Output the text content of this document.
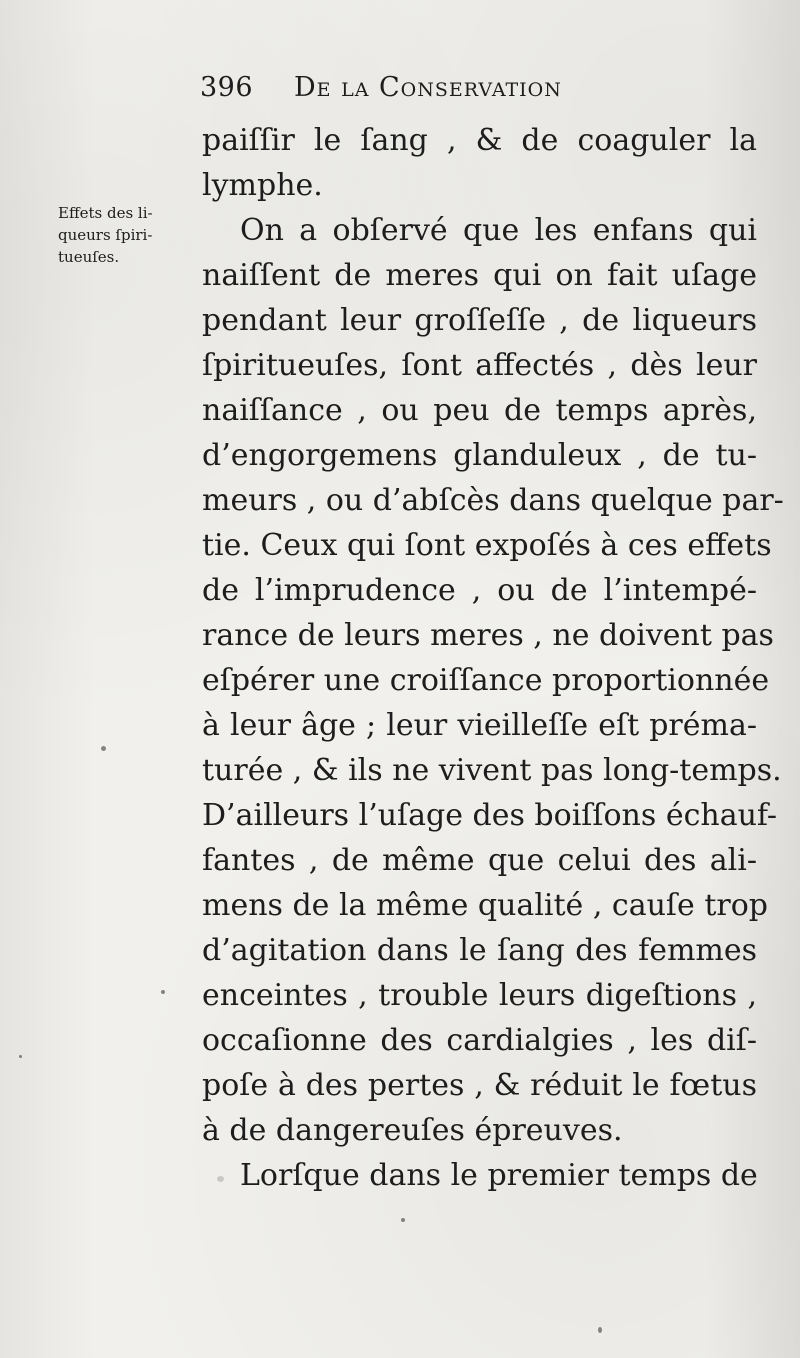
396 De la Conservation
Effets des li-
queurs ſpiri-
tueuſes.
paiſſir le ſang , & de coaguler la
lymphe.
On a obſervé que les enfans qui
naiſſent de meres qui on fait uſage
pendant leur groſſeſſe , de liqueurs
ſpiritueuſes, ſont affectés , dès leur
naiſſance , ou peu de temps après,
d’engorgemens glanduleux , de tu-
meurs , ou d’abſcès dans quelque par-
tie. Ceux qui ſont expoſés à ces effets
de l’imprudence , ou de l’intempé-
rance de leurs meres , ne doivent pas
eſpérer une croiſſance proportionnée
à leur âge ; leur vieilleſſe eſt préma-
turée , & ils ne vivent pas long-temps.
D’ailleurs l’uſage des boiſſons échauf-
fantes , de même que celui des ali-
mens de la même qualité , cauſe trop
d’agitation dans le ſang des femmes
enceintes , trouble leurs digeſtions ,
occaſionne des cardialgies , les diſ-
poſe à des pertes , & réduit le fœtus
à de dangereuſes épreuves.
Lorſque dans le premier temps de
